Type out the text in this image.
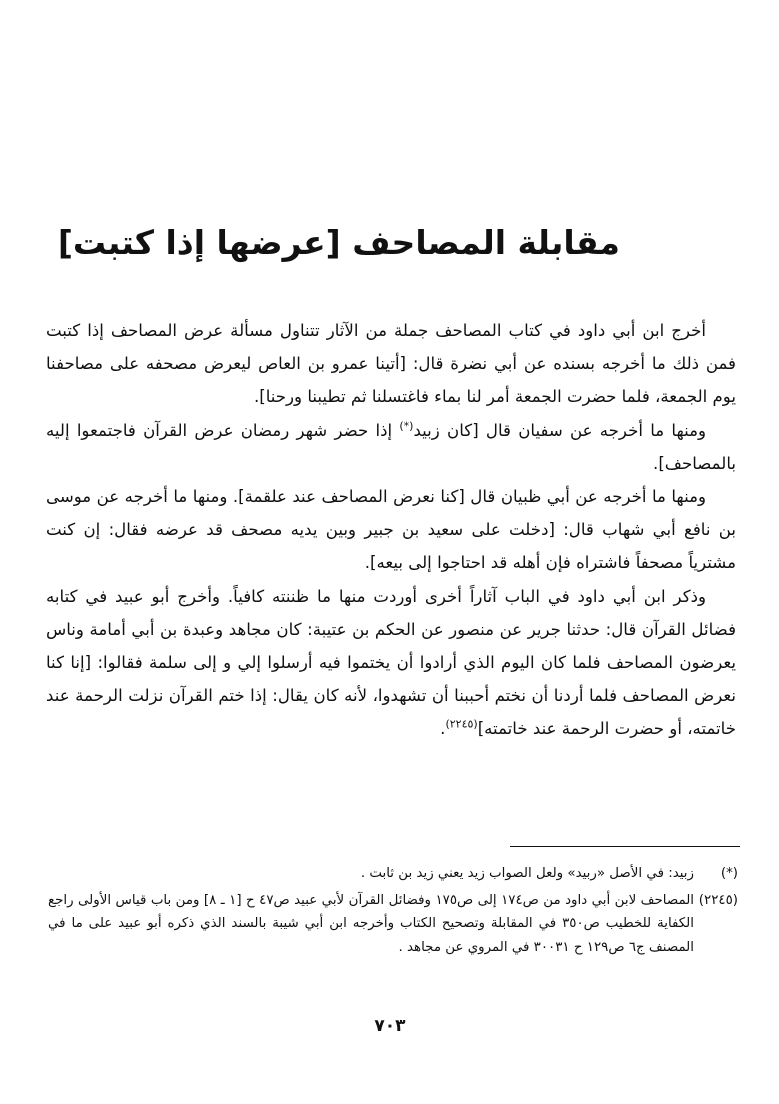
مقابلة المصاحف [عرضها إذا كتبت]

أخرج ابن أبي داود في كتاب المصاحف جملة من الآثار تتناول مسألة عرض المصاحف إذا كتبت فمن ذلك ما أخرجه بسنده عن أبي نضرة قال: [أتينا عمرو بن العاص ليعرض مصحفه على مصاحفنا يوم الجمعة، فلما حضرت الجمعة أمر لنا بماء فاغتسلنا ثم تطيبنا ورحنا].

ومنها ما أخرجه عن سفيان قال [كان زبيد(*) إذا حضر شهر رمضان عرض القرآن فاجتمعوا إليه بالمصاحف].

ومنها ما أخرجه عن أبي ظبيان قال [كنا نعرض المصاحف عند علقمة]. ومنها ما أخرجه عن موسى بن نافع أبي شهاب قال: [دخلت على سعيد بن جبير وبين يديه مصحف قد عرضه فقال: إن كنت مشترياً مصحفاً فاشتراه فإن أهله قد احتاجوا إلى بيعه].

وذكر ابن أبي داود في الباب آثاراً أخرى أوردت منها ما ظننته كافياً. وأخرج أبو عبيد في كتابه فضائل القرآن قال: حدثنا جرير عن منصور عن الحكم بن عتيبة: كان مجاهد وعبدة بن أبي أمامة وناس يعرضون المصاحف فلما كان اليوم الذي أرادوا أن يختموا فيه أرسلوا إلي و إلى سلمة فقالوا: [إنا كنا نعرض المصاحف فلما أردنا أن نختم أحببنا أن تشهدوا، لأنه كان يقال: إذا ختم القرآن نزلت الرحمة عند خاتمته، أو حضرت الرحمة عند خاتمته]$^{(٢٢٤٥)}$.

(*)زبيد: في الأصل «ربيد» ولعل الصواب زيد يعني زيد بن ثابت .

(٢٢٤٥)المصاحف لابن أبي داود من ص١٧٤ إلى ص١٧٥ وفضائل القرآن لأبي عبيد ص٤٧ ح [١ ـ ٨] ومن باب قياس الأولى راجع الكفاية للخطيب ص٣٥٠ في المقابلة وتصحيح الكتاب وأخرجه ابن أبي شيبة بالسند الذي ذكره أبو عبيد على ما في المصنف ج٦ ص١٢٩ ح ٣٠٠٣١ في المروي عن مجاهد .

٧٠٣
